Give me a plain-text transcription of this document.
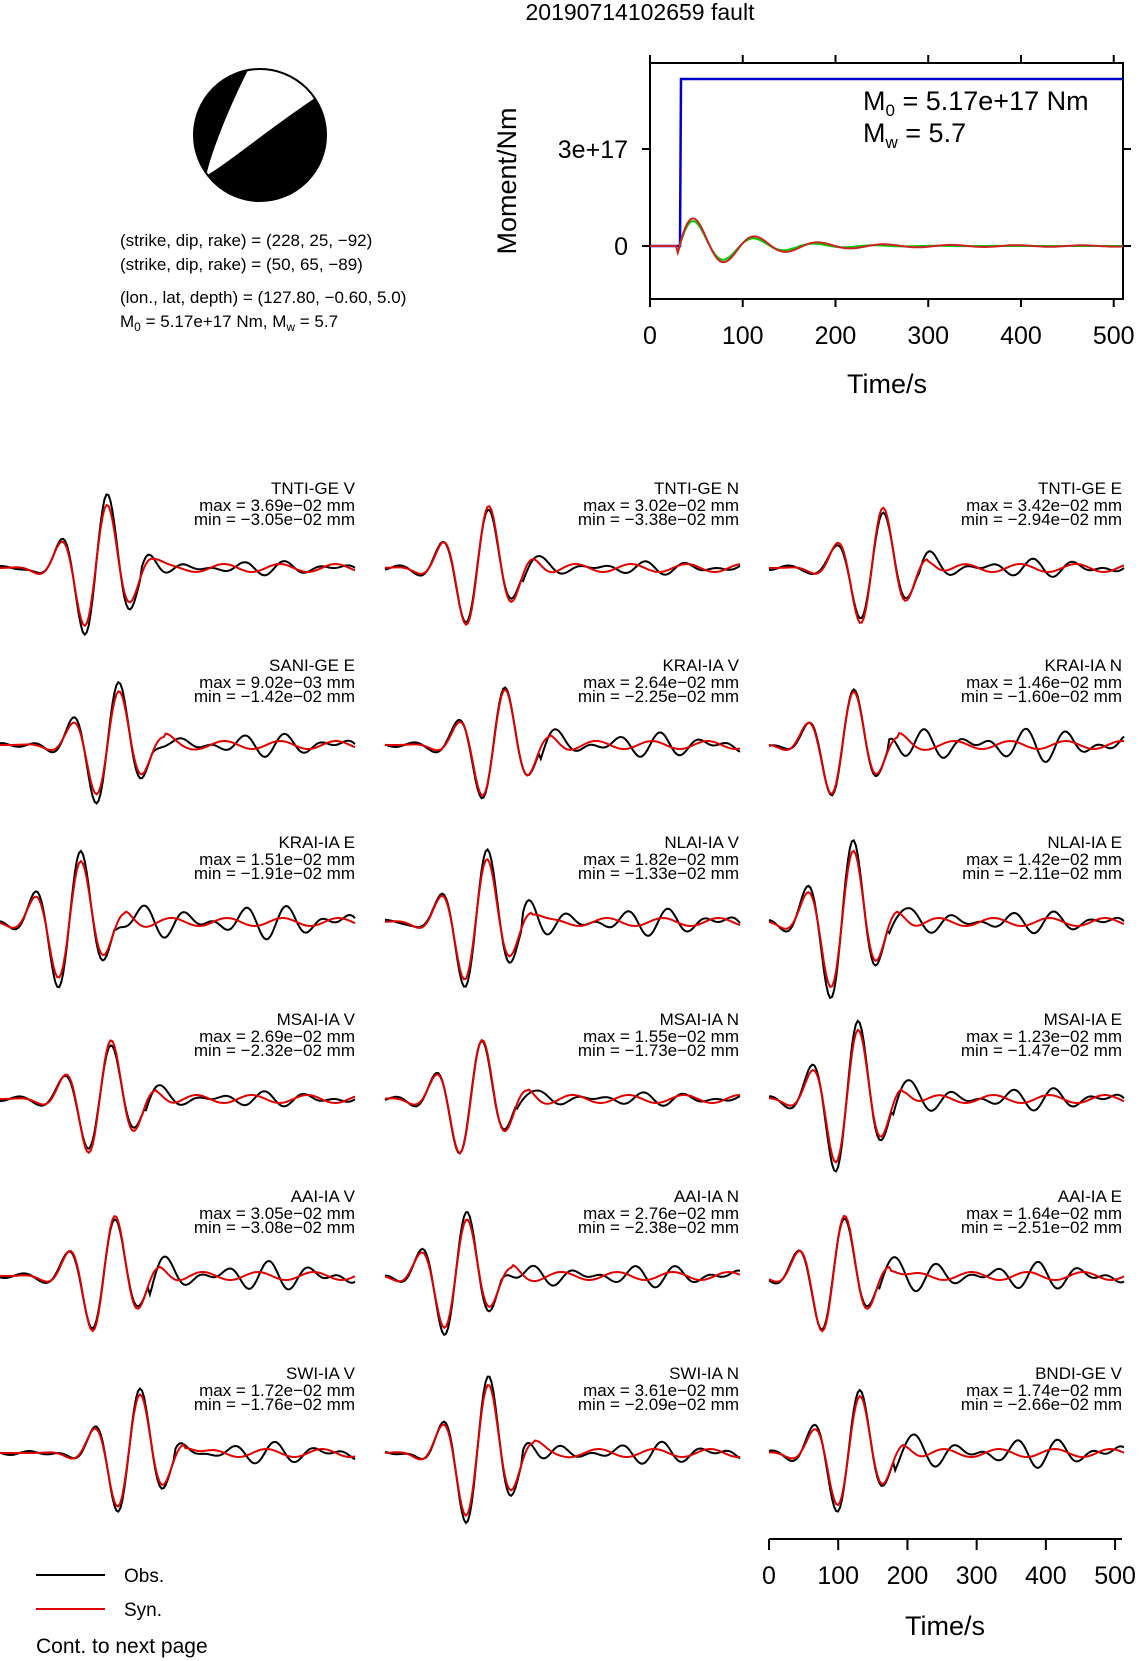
20190714102659 fault
(strike, dip, rake) = (228, 25, −92)
(strike, dip, rake) = (50, 65, −89)
(lon., lat, depth) = (127.80, −0.60, 5.0)
$M_0 = 5.17e+17$ Nm, $M_w = 5.7$
0	100 200 300 400 500
0
3e+17
$M_0 = 5.17e+17$ Nm
$M_w = 5.7$
Moment/Nm
Time/s
TNTI-GE V
max = 3.69e−02 mm
min = −3.05e−02 mm
TNTI-GE N
max = 3.02e−02 mm
min = −3.38e−02 mm
TNTI-GE E
max = 3.42e−02 mm
min = −2.94e−02 mm
SANI-GE E
max = 9.02e−03 mm
min = −1.42e−02 mm
KRAI-IA V
max = 2.64e−02 mm
min = −2.25e−02 mm
KRAI-IA N
max = 1.46e−02 mm
min = −1.60e−02 mm
KRAI-IA E
max = 1.51e−02 mm
min = −1.91e−02 mm
NLAI-IA V
max = 1.82e−02 mm
min = −1.33e−02 mm
NLAI-IA E
max = 1.42e−02 mm
min = −2.11e−02 mm
MSAI-IA V
max = 2.69e−02 mm
min = −2.32e−02 mm
MSAI-IA N
max = 1.55e−02 mm
min = −1.73e−02 mm
MSAI-IA E
max = 1.23e−02 mm
min = −1.47e−02 mm
AAI-IA V
max = 3.05e−02 mm
min = −3.08e−02 mm
AAI-IA N
max = 2.76e−02 mm
min = −2.38e−02 mm
AAI-IA E
max = 1.64e−02 mm
min = −2.51e−02 mm
SWI-IA V
max = 1.72e−02 mm
min = −1.76e−02 mm
SWI-IA N
max = 3.61e−02 mm
min = −2.09e−02 mm
BNDI-GE V
max = 1.74e−02 mm
min = −2.66e−02 mm
Time/s
0 100 200 300 400 500
Obs.
Syn.
Cont. to next page
